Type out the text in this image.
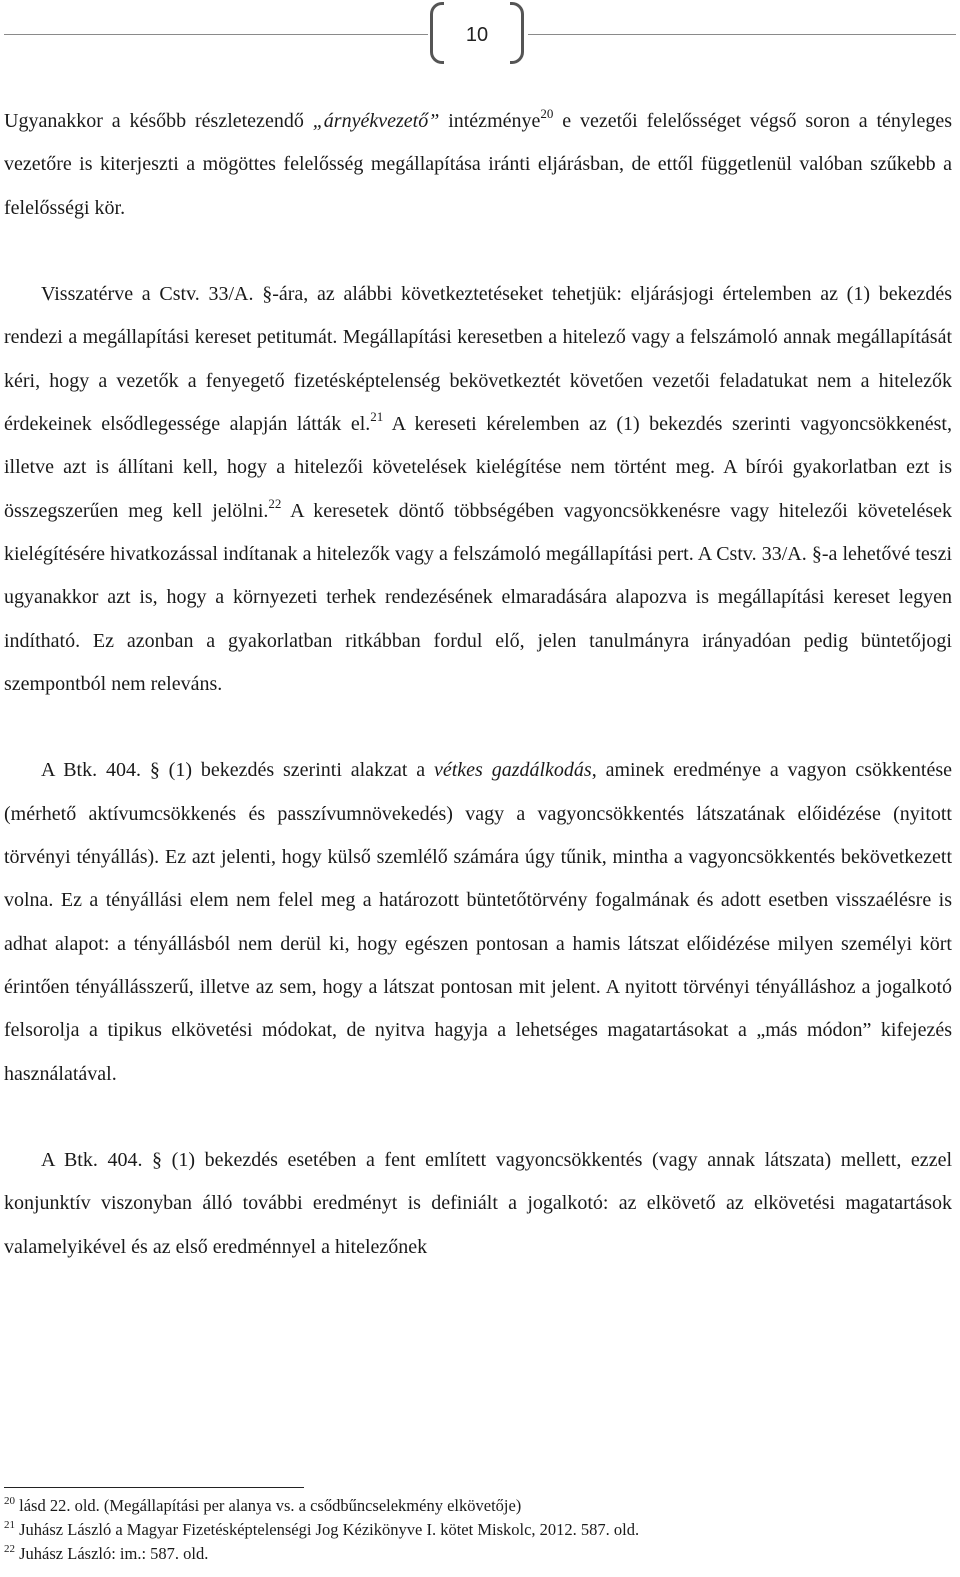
10

Ugyanakkor a később részletezendő „árnyékvezető” intézménye$^{20}$ e vezetői felelősséget végső soron a tényleges vezetőre is kiterjeszti a mögöttes felelősség megállapítása iránti eljárásban, de ettől függetlenül valóban szűkebb a felelősségi kör.

Visszatérve a Cstv. 33/A. §-ára, az alábbi következtetéseket tehetjük: eljárásjogi értelemben az (1) bekezdés rendezi a megállapítási kereset petitumát. Megállapítási keresetben a hitelező vagy a felszámoló annak megállapítását kéri, hogy a vezetők a fenyegető fizetésképtelenség bekövetkeztét követően vezetői feladatukat nem a hitelezők érdekeinek elsődlegessége alapján látták el.$^{21}$ A kereseti kérelemben az (1) bekezdés szerinti vagyoncsökkenést, illetve azt is állítani kell, hogy a hitelezői követelések kielégítése nem történt meg. A bírói gyakorlatban ezt is összegszerűen meg kell jelölni.$^{22}$ A keresetek döntő többségében vagyoncsökkenésre vagy hitelezői követelések kielégítésére hivatkozással indítanak a hitelezők vagy a felszámoló megállapítási pert. A Cstv. 33/A. §-a lehetővé teszi ugyanakkor azt is, hogy a környezeti terhek rendezésének elmaradására alapozva is megállapítási kereset legyen indítható. Ez azonban a gyakorlatban ritkábban fordul elő, jelen tanulmányra irányadóan pedig büntetőjogi szempontból nem releváns.

A Btk. 404. § (1) bekezdés szerinti alakzat a vétkes gazdálkodás, aminek eredménye a vagyon csökkentése (mérhető aktívumcsökkenés és passzívumnövekedés) vagy a vagyoncsökkentés látszatának előidézése (nyitott törvényi tényállás). Ez azt jelenti, hogy külső szemlélő számára úgy tűnik, mintha a vagyoncsökkentés bekövetkezett volna. Ez a tényállási elem nem felel meg a határozott büntetőtörvény fogalmának és adott esetben visszaélésre is adhat alapot: a tényállásból nem derül ki, hogy egészen pontosan a hamis látszat előidézése milyen személyi kört érintően tényállásszerű, illetve az sem, hogy a látszat pontosan mit jelent. A nyitott törvényi tényálláshoz a jogalkotó felsorolja a tipikus elkövetési módokat, de nyitva hagyja a lehetséges magatartásokat a „más módon” kifejezés használatával.

A Btk. 404. § (1) bekezdés esetében a fent említett vagyoncsökkentés (vagy annak látszata) mellett, ezzel konjunktív viszonyban álló további eredményt is definiált a jogalkotó: az elkövető az elkövetési magatartások valamelyikével és az első eredménnyel a hitelezőnek

$^{20}$ lásd 22. old. (Megállapítási per alanya vs. a csődbűncselekmény elkövetője)

$^{21}$ Juhász László a Magyar Fizetésképtelenségi Jog Kézikönyve I. kötet Miskolc, 2012. 587. old.

$^{22}$ Juhász László: im.: 587. old.
